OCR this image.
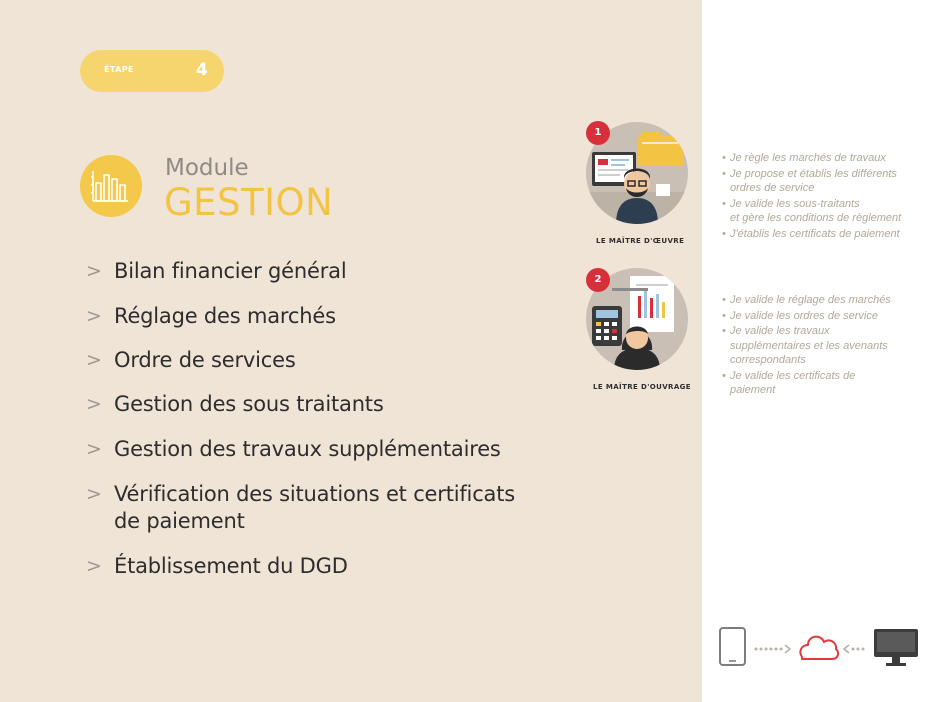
ÉTAPE	4
Module
GESTION
> Bilan financier général
> Réglage des marchés
> Ordre de services
> Gestion des sous traitants
> Gestion des travaux supplémentaires
> Vérification des situations et certificats
de paiement
> Établissement du DGD
1
LE MAÎTRE D'ŒUVRE
2
LE MAÎTRE D'OUVRAGE
• Je règle les marchés de travaux
• Je propose et établis les différents
ordres de service
• Je valide les sous-traitants
et gère les conditions de règlement
• J'établis les certificats de paiement
• Je valide le réglage des marchés
• Je valide les ordres de service
• Je valide les travaux
supplémentaires et les avenants
correspondants
• Je valide les certificats de
paiement
